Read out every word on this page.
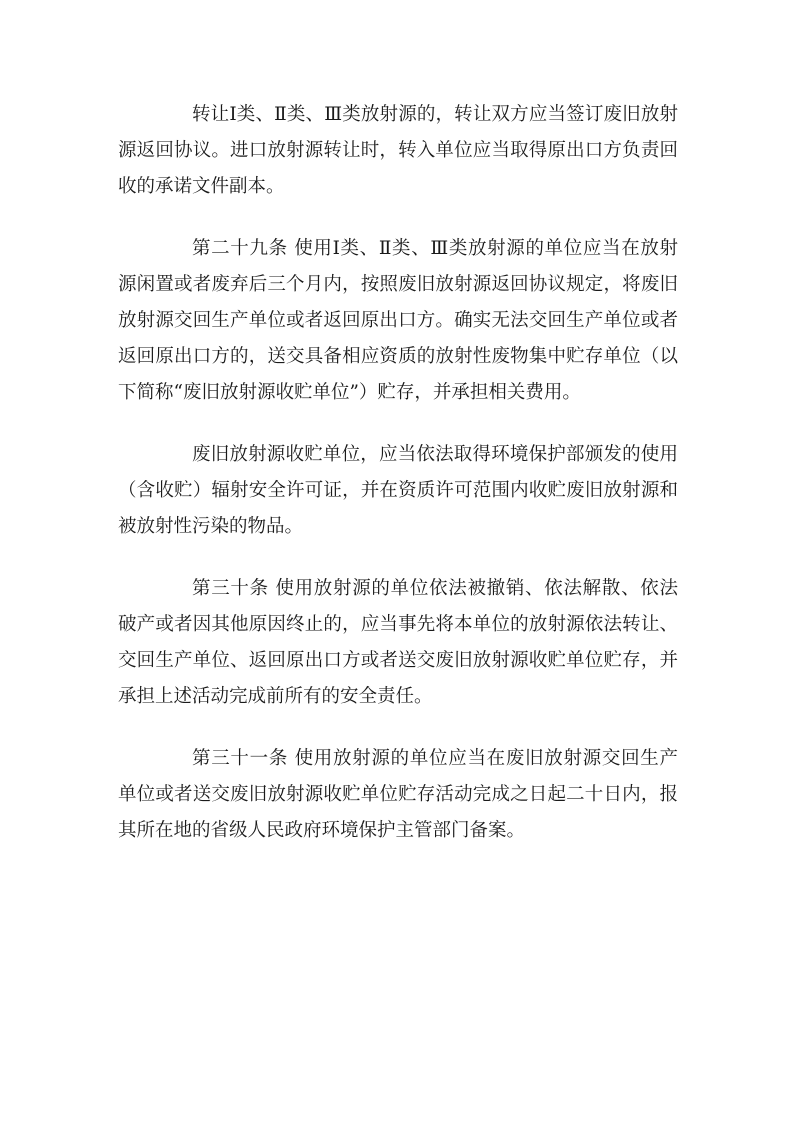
转让Ⅰ类、Ⅱ类、Ⅲ类放射源的，转让双方应当签订废旧放射源返回协议。进口放射源转让时，转入单位应当取得原出口方负责回收的承诺文件副本。

第二十九条 使用Ⅰ类、Ⅱ类、Ⅲ类放射源的单位应当在放射源闲置或者废弃后三个月内，按照废旧放射源返回协议规定，将废旧放射源交回生产单位或者返回原出口方。确实无法交回生产单位或者返回原出口方的，送交具备相应资质的放射性废物集中贮存单位（以下简称“废旧放射源收贮单位”）贮存，并承担相关费用。

废旧放射源收贮单位，应当依法取得环境保护部颁发的使用（含收贮）辐射安全许可证，并在资质许可范围内收贮废旧放射源和被放射性污染的物品。

第三十条 使用放射源的单位依法被撤销、依法解散、依法破产或者因其他原因终止的，应当事先将本单位的放射源依法转让、交回生产单位、返回原出口方或者送交废旧放射源收贮单位贮存，并承担上述活动完成前所有的安全责任。

第三十一条 使用放射源的单位应当在废旧放射源交回生产单位或者送交废旧放射源收贮单位贮存活动完成之日起二十日内，报其所在地的省级人民政府环境保护主管部门备案。
